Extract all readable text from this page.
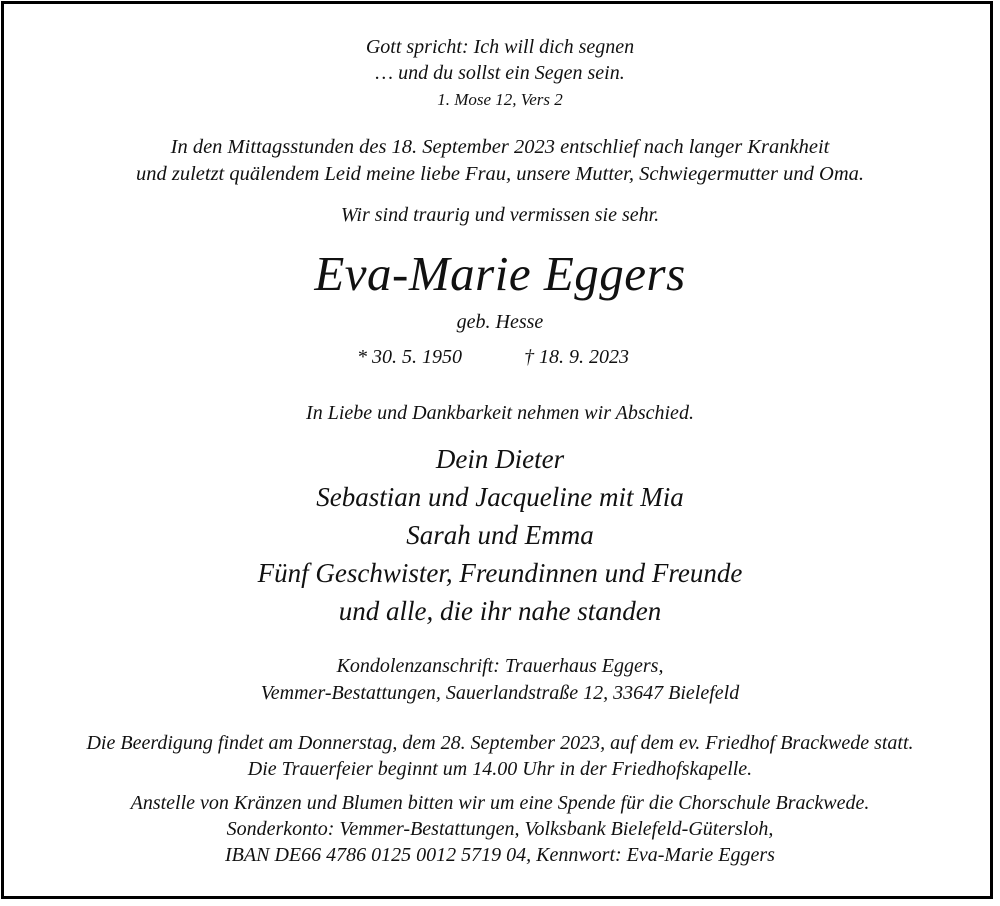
Gott spricht: Ich will dich segnen

… und du sollst ein Segen sein.

1. Mose 12, Vers 2

In den Mittagsstunden des 18. September 2023 entschlief nach langer Krankheit

und zuletzt quälendem Leid meine liebe Frau, unsere Mutter, Schwiegermutter und Oma.

Wir sind traurig und vermissen sie sehr.

Eva-Marie Eggers

geb. Hesse

* 30. 5. 1950	† 18. 9. 2023

In Liebe und Dankbarkeit nehmen wir Abschied.

Dein Dieter

Sebastian und Jacqueline mit Mia

Sarah und Emma

Fünf Geschwister, Freundinnen und Freunde

und alle, die ihr nahe standen

Kondolenzanschrift: Trauerhaus Eggers,

Vemmer-Bestattungen, Sauerlandstraße 12, 33647 Bielefeld

Die Beerdigung findet am Donnerstag, dem 28. September 2023, auf dem ev. Friedhof Brackwede statt.

Die Trauerfeier beginnt um 14.00 Uhr in der Friedhofskapelle.

Anstelle von Kränzen und Blumen bitten wir um eine Spende für die Chorschule Brackwede.

Sonderkonto: Vemmer-Bestattungen, Volksbank Bielefeld-Gütersloh,

IBAN DE66 4786 0125 0012 5719 04, Kennwort: Eva-Marie Eggers
